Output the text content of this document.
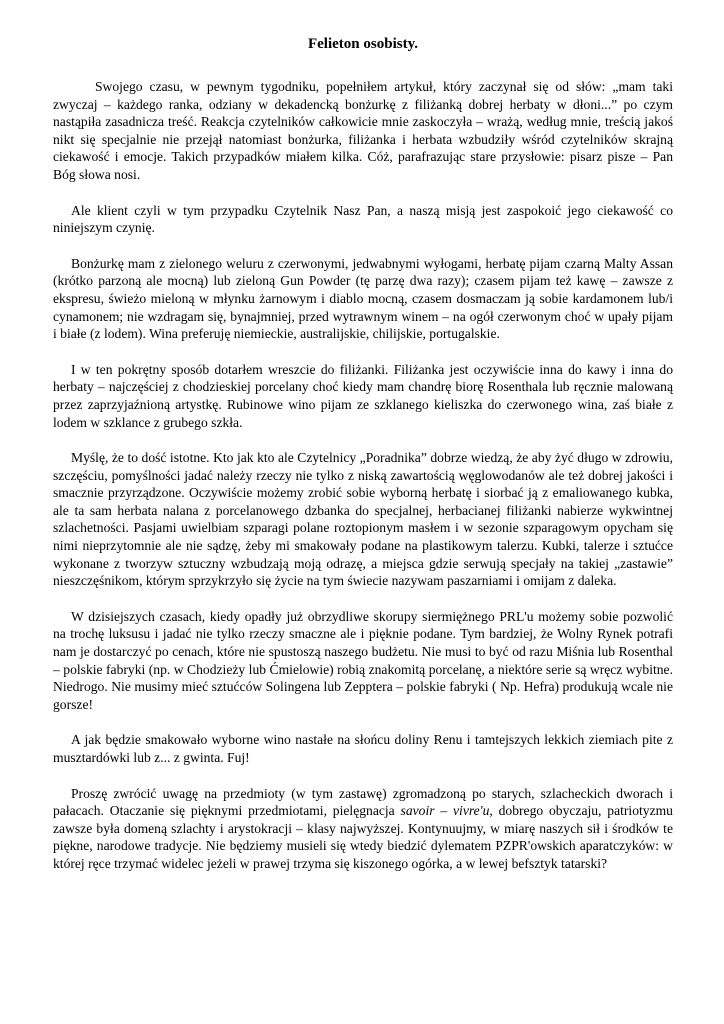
Felieton osobisty.

Swojego czasu, w pewnym tygodniku, popełniłem artykuł, który zaczynał się od słów: „mam taki zwyczaj – każdego ranka, odziany w dekadencką bonżurkę z filiżanką dobrej herbaty w dłoni...” po czym nastąpiła zasadnicza treść. Reakcja czytelników całkowicie mnie zaskoczyła – wrażą, według mnie, treścią jakoś nikt się specjalnie nie przejął natomiast bonżurka, filiżanka i herbata wzbudziły wśród czytelników skrajną ciekawość i emocje. Takich przypadków miałem kilka. Cóż, parafrazując stare przysłowie: pisarz pisze – Pan Bóg słowa nosi.

Ale klient czyli w tym przypadku Czytelnik Nasz Pan, a naszą misją jest zaspokoić jego ciekawość co niniejszym czynię.

Bonżurkę mam z zielonego weluru z czerwonymi, jedwabnymi wyłogami, herbatę pijam czarną Malty Assan (krótko parzoną ale mocną) lub zieloną Gun Powder (tę parzę dwa razy); czasem pijam też kawę – zawsze z ekspresu, świeżo mieloną w młynku żarnowym i diablo mocną, czasem dosmaczam ją sobie kardamonem lub/i cynamonem; nie wzdragam się, bynajmniej, przed wytrawnym winem – na ogół czerwonym choć w upały pijam i białe (z lodem). Wina preferuję niemieckie, australijskie, chilijskie, portugalskie.

I w ten pokrętny sposób dotarłem wreszcie do filiżanki. Filiżanka jest oczywiście inna do kawy i inna do herbaty – najczęściej z chodzieskiej porcelany choć kiedy mam chandrę biorę Rosenthala lub ręcznie malowaną przez zaprzyjaźnioną artystkę. Rubinowe wino pijam ze szklanego kieliszka do czerwonego wina, zaś białe z lodem w szklance z grubego szkła.

Myślę, że to dość istotne. Kto jak kto ale Czytelnicy „Poradnika” dobrze wiedzą, że aby żyć długo w zdrowiu, szczęściu, pomyślności jadać należy rzeczy nie tylko z niską zawartością węglowodanów ale też dobrej jakości i smacznie przyrządzone. Oczywiście możemy zrobić sobie wyborną herbatę i siorbać ją z emaliowanego kubka, ale ta sam herbata nalana z porcelanowego dzbanka do specjalnej, herbacianej filiżanki nabierze wykwintnej szlachetności. Pasjami uwielbiam szparagi polane roztopionym masłem i w sezonie szparagowym opycham się nimi nieprzytomnie ale nie sądzę, żeby mi smakowały podane na plastikowym talerzu. Kubki, talerze i sztućce wykonane z tworzyw sztuczny wzbudzają moją odrazę, a miejsca gdzie serwują specjały na takiej „zastawie” nieszczęśnikom, którym sprzykrzyło się życie na tym świecie nazywam paszarniami i omijam z daleka.

W dzisiejszych czasach, kiedy opadły już obrzydliwe skorupy siermiężnego PRL'u możemy sobie pozwolić na trochę luksusu i jadać nie tylko rzeczy smaczne ale i pięknie podane. Tym bardziej, że Wolny Rynek potrafi nam je dostarczyć po cenach, które nie spustoszą naszego budżetu. Nie musi to być od razu Miśnia lub Rosenthal – polskie fabryki (np. w Chodzieży lub Ćmielowie) robią znakomitą porcelanę, a niektóre serie są wręcz wybitne. Niedrogo. Nie musimy mieć sztućców Solingena lub Zepptera – polskie fabryki ( Np. Hefra) produkują wcale nie gorsze!

A jak będzie smakowało wyborne wino nastałe na słońcu doliny Renu i tamtejszych lekkich ziemiach pite z musztardówki lub z... z gwinta. Fuj!

Proszę zwrócić uwagę na przedmioty (w tym zastawę) zgromadzoną po starych, szlacheckich dworach i pałacach. Otaczanie się pięknymi przedmiotami, pielęgnacja savoir – vivre'u, dobrego obyczaju, patriotyzmu zawsze była domeną szlachty i arystokracji – klasy najwyższej. Kontynuujmy, w miarę naszych sił i środków te piękne, narodowe tradycje. Nie będziemy musieli się wtedy biedzić dylematem PZPR'owskich aparatczyków: w której ręce trzymać widelec jeżeli w prawej trzyma się kiszonego ogórka, a w lewej befsztyk tatarski?
